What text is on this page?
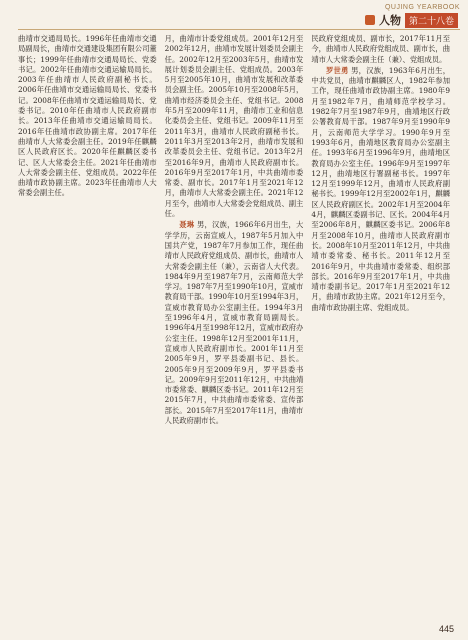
QUJING YEARBOOK
人物 第二十八卷

曲靖市交通局局长。1996年任曲靖市交通局副局长，曲靖市交通建设集团有限公司董事长；1999年任曲靖市交通局局长、党委书记。2002年任曲靖市交通运输局局长。2003年任曲靖市人民政府副秘书长。2006年任曲靖市交通运输局局长、党委书记。2008年任曲靖市交通运输局局长、党委书记。2010年任曲靖市人民政府副市长。2013年任曲靖市交通运输局局长。2016年任曲靖市政协副主席。2017年任曲靖市人大常委会副主任。2019年任麒麟区人民政府区长。2020年任麒麟区委书记、区人大常委会主任。2021年任曲靖市人大常委会副主任、党组成员。2022年任曲靖市政协副主席。2023年任曲靖市人大常委会副主任。

月，曲靖市计委党组成员。2001年12月至2002年12月，曲靖市发展计划委员会副主任。2002年12月至2003年5月，曲靖市发展计划委员会副主任、党组成员。2003年5月至2005年10月，曲靖市发展和改革委员会副主任。2005年10月至2008年5月，曲靖市经济委员会主任、党组书记。2008年5月至2009年11月，曲靖市工业和信息化委员会主任、党组书记。2009年11月至2011年3月，曲靖市人民政府副秘书长。2011年3月至2013年2月，曲靖市发展和改革委员会主任、党组书记。2013年2月至2016年9月，曲靖市人民政府副市长。2016年9月至2017年1月，中共曲靖市委常委、副市长。2017年1月至2021年12月，曲靖市人大常委会副主任。2021年12月至今，曲靖市人大常委会党组成员、副主任。

聂琳 男，汉族，1966年6月出生，大学学历，云南宣威人，1987年5月加入中国共产党，1987年7月参加工作，现任曲靖市人民政府党组成员、副市长，曲靖市人大常委会副主任（兼），云南省人大代表。1984年9月至1987年7月，云南师范大学学习。1987年7月至1990年10月，宣威市教育局干部。1990年10月至1994年3月，宣威市教育局办公室副主任。1994年3月至1996年4月，宣威市教育局副局长。1996年4月至1998年12月，宣威市政府办公室主任。1998年12月至2001年11月，宣威市人民政府副市长。2001年11月至2005年9月，罗平县委副书记、县长。2005年9月至2009年9月，罗平县委书记。2009年9月至2011年12月，中共曲靖市委常委、麒麟区委书记。2011年12月至2015年7月，中共曲靖市委常委、宣传部部长。2015年7月至2017年11月，曲靖市人民政府副市长。

民政府党组成员、副市长，2017年11月至今，曲靖市人民政府党组成员、副市长，曲靖市人大常委会副主任（兼）、党组成员。

罗世勇 男，汉族，1963年6月出生，中共党员，曲靖市麒麟区人，1982年参加工作，现任曲靖市政协副主席。1980年9月至1982年7月，曲靖师范学校学习。1982年7月至1987年9月，曲靖地区行政公署教育局干部。1987年9月至1990年9月，云南师范大学学习。1990年9月至1993年6月，曲靖地区教育局办公室副主任。1993年6月至1996年9月，曲靖地区教育局办公室主任。1996年9月至1997年12月，曲靖地区行署副秘书长。1997年12月至1999年12月，曲靖市人民政府副秘书长。1999年12月至2002年1月，麒麟区人民政府副区长。2002年1月至2004年4月，麒麟区委副书记、区长。2004年4月至2006年8月，麒麟区委书记。2006年8月至2008年10月，曲靖市人民政府副市长。2008年10月至2011年12月，中共曲靖市委常委、秘书长。2011年12月至2016年9月，中共曲靖市委常委、组织部部长。2016年9月至2017年1月，中共曲靖市委副书记。2017年1月至2021年12月，曲靖市政协主席。2021年12月至今，曲靖市政协副主席、党组成员。

445
